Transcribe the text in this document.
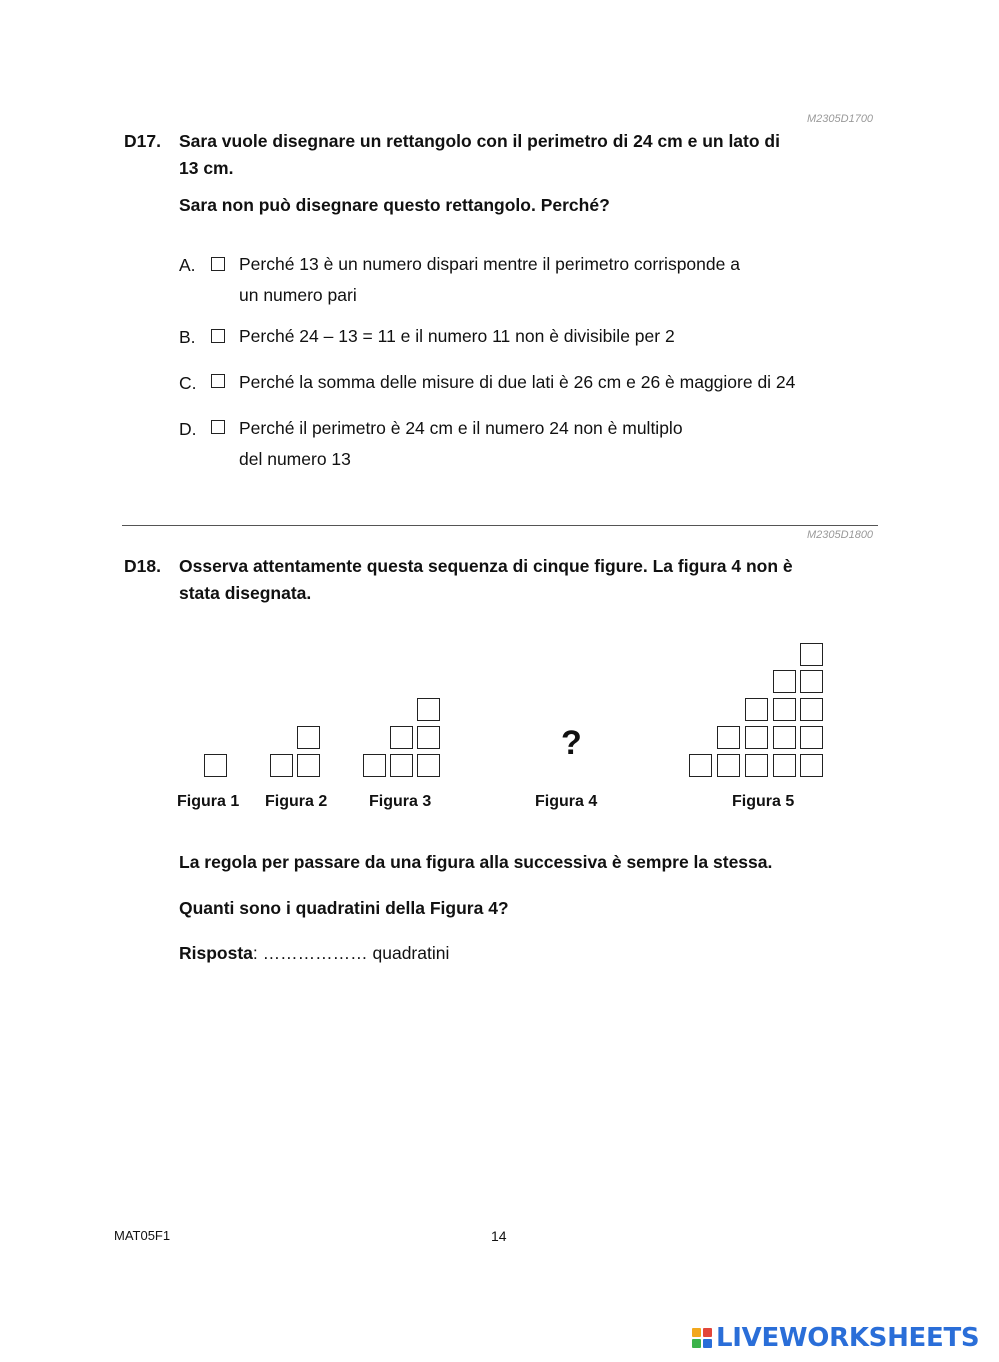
M2305D1700
D17. Sara vuole disegnare un rettangolo con il perimetro di 24 cm e un lato di
13 cm.
Sara non può disegnare questo rettangolo. Perché?
A. Perché 13 è un numero dispari mentre il perimetro corrisponde a
un numero pari
B. Perché 24 – 13 = 11 e il numero 11 non è divisibile per 2
C. Perché la somma delle misure di due lati è 26 cm e 26 è maggiore di 24
D. Perché il perimetro è 24 cm e il numero 24 non è multiplo
del numero 13
M2305D1800
D18. Osserva attentamente questa sequenza di cinque figure. La figura 4 non è
stata disegnata.
?
Figura 1 Figura 2	Figura 3	Figura 4	Figura 5
La regola per passare da una figura alla successiva è sempre la stessa.
Quanti sono i quadratini della Figura 4?
Risposta: ……………… quadratini
MAT05F1	14
LIVEWORKSHEETS
